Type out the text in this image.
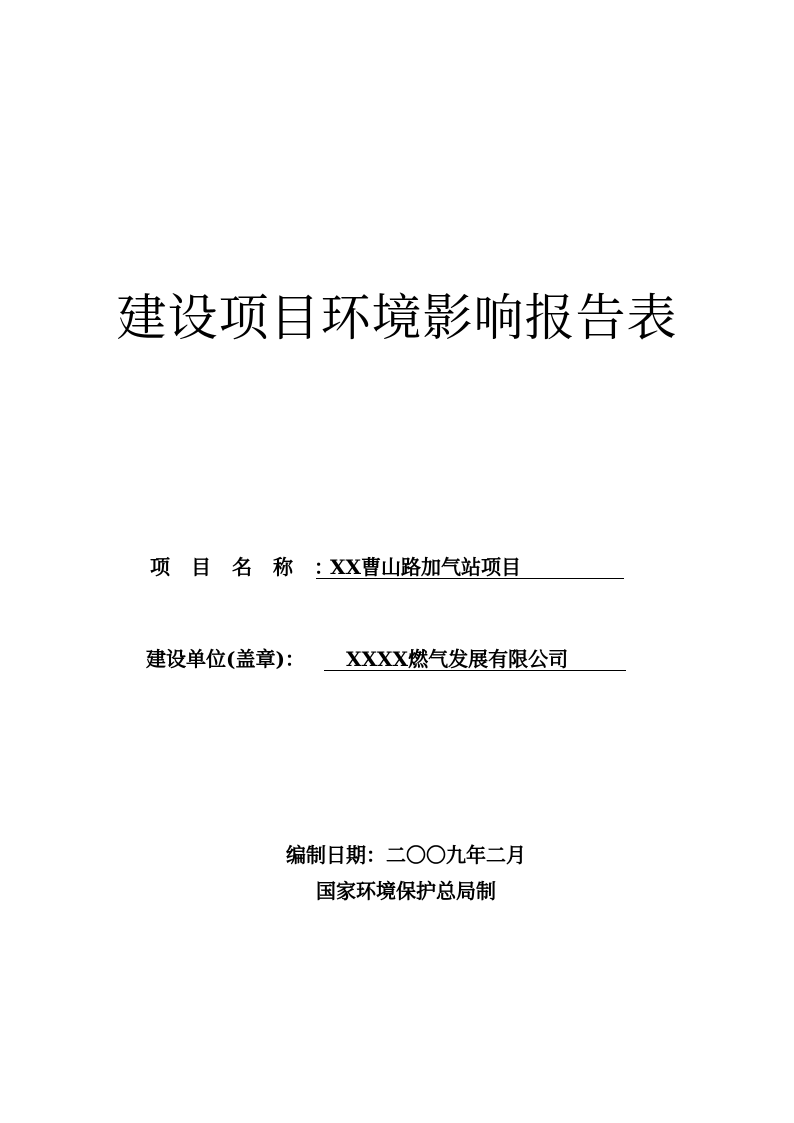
建设项目环境影响报告表
项目名称：
XX曹山路加气站项目
建设单位(盖章)： XXXX燃气发展有限公司
编制日期：二〇〇九年二月
国家环境保护总局制
